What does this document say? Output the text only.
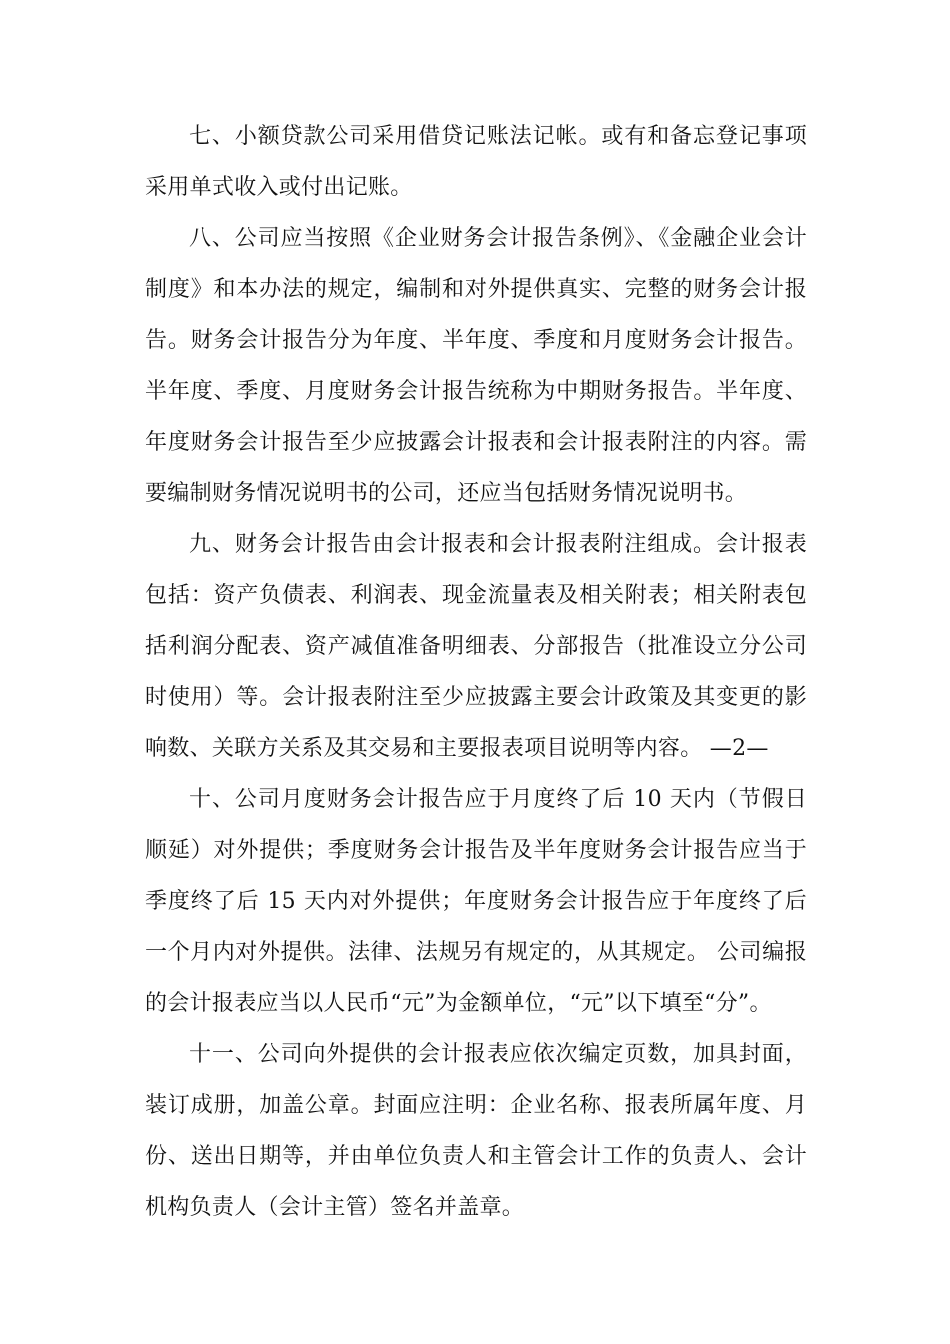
七、小额贷款公司采用借贷记账法记帐。或有和备忘登记事项采用单式收入或付出记账。

八、公司应当按照《企业财务会计报告条例》、《金融企业会计制度》和本办法的规定，编制和对外提供真实、完整的财务会计报告。财务会计报告分为年度、半年度、季度和月度财务会计报告。半年度、季度、月度财务会计报告统称为中期财务报告。半年度、年度财务会计报告至少应披露会计报表和会计报表附注的内容。需要编制财务情况说明书的公司，还应当包括财务情况说明书。

九、财务会计报告由会计报表和会计报表附注组成。会计报表包括：资产负债表、利润表、现金流量表及相关附表；相关附表包括利润分配表、资产减值准备明细表、分部报告（批准设立分公司时使用）等。会计报表附注至少应披露主要会计政策及其变更的影响数、关联方关系及其交易和主要报表项目说明等内容。 —2—

十、公司月度财务会计报告应于月度终了后 10 天内（节假日顺延）对外提供；季度财务会计报告及半年度财务会计报告应当于季度终了后 15 天内对外提供；年度财务会计报告应于年度终了后一个月内对外提供。法律、法规另有规定的，从其规定。 公司编报的会计报表应当以人民币“元”为金额单位，“元”以下填至“分”。

十一、公司向外提供的会计报表应依次编定页数，加具封面，装订成册，加盖公章。封面应注明：企业名称、报表所属年度、月份、送出日期等，并由单位负责人和主管会计工作的负责人、会计机构负责人（会计主管）签名并盖章。
